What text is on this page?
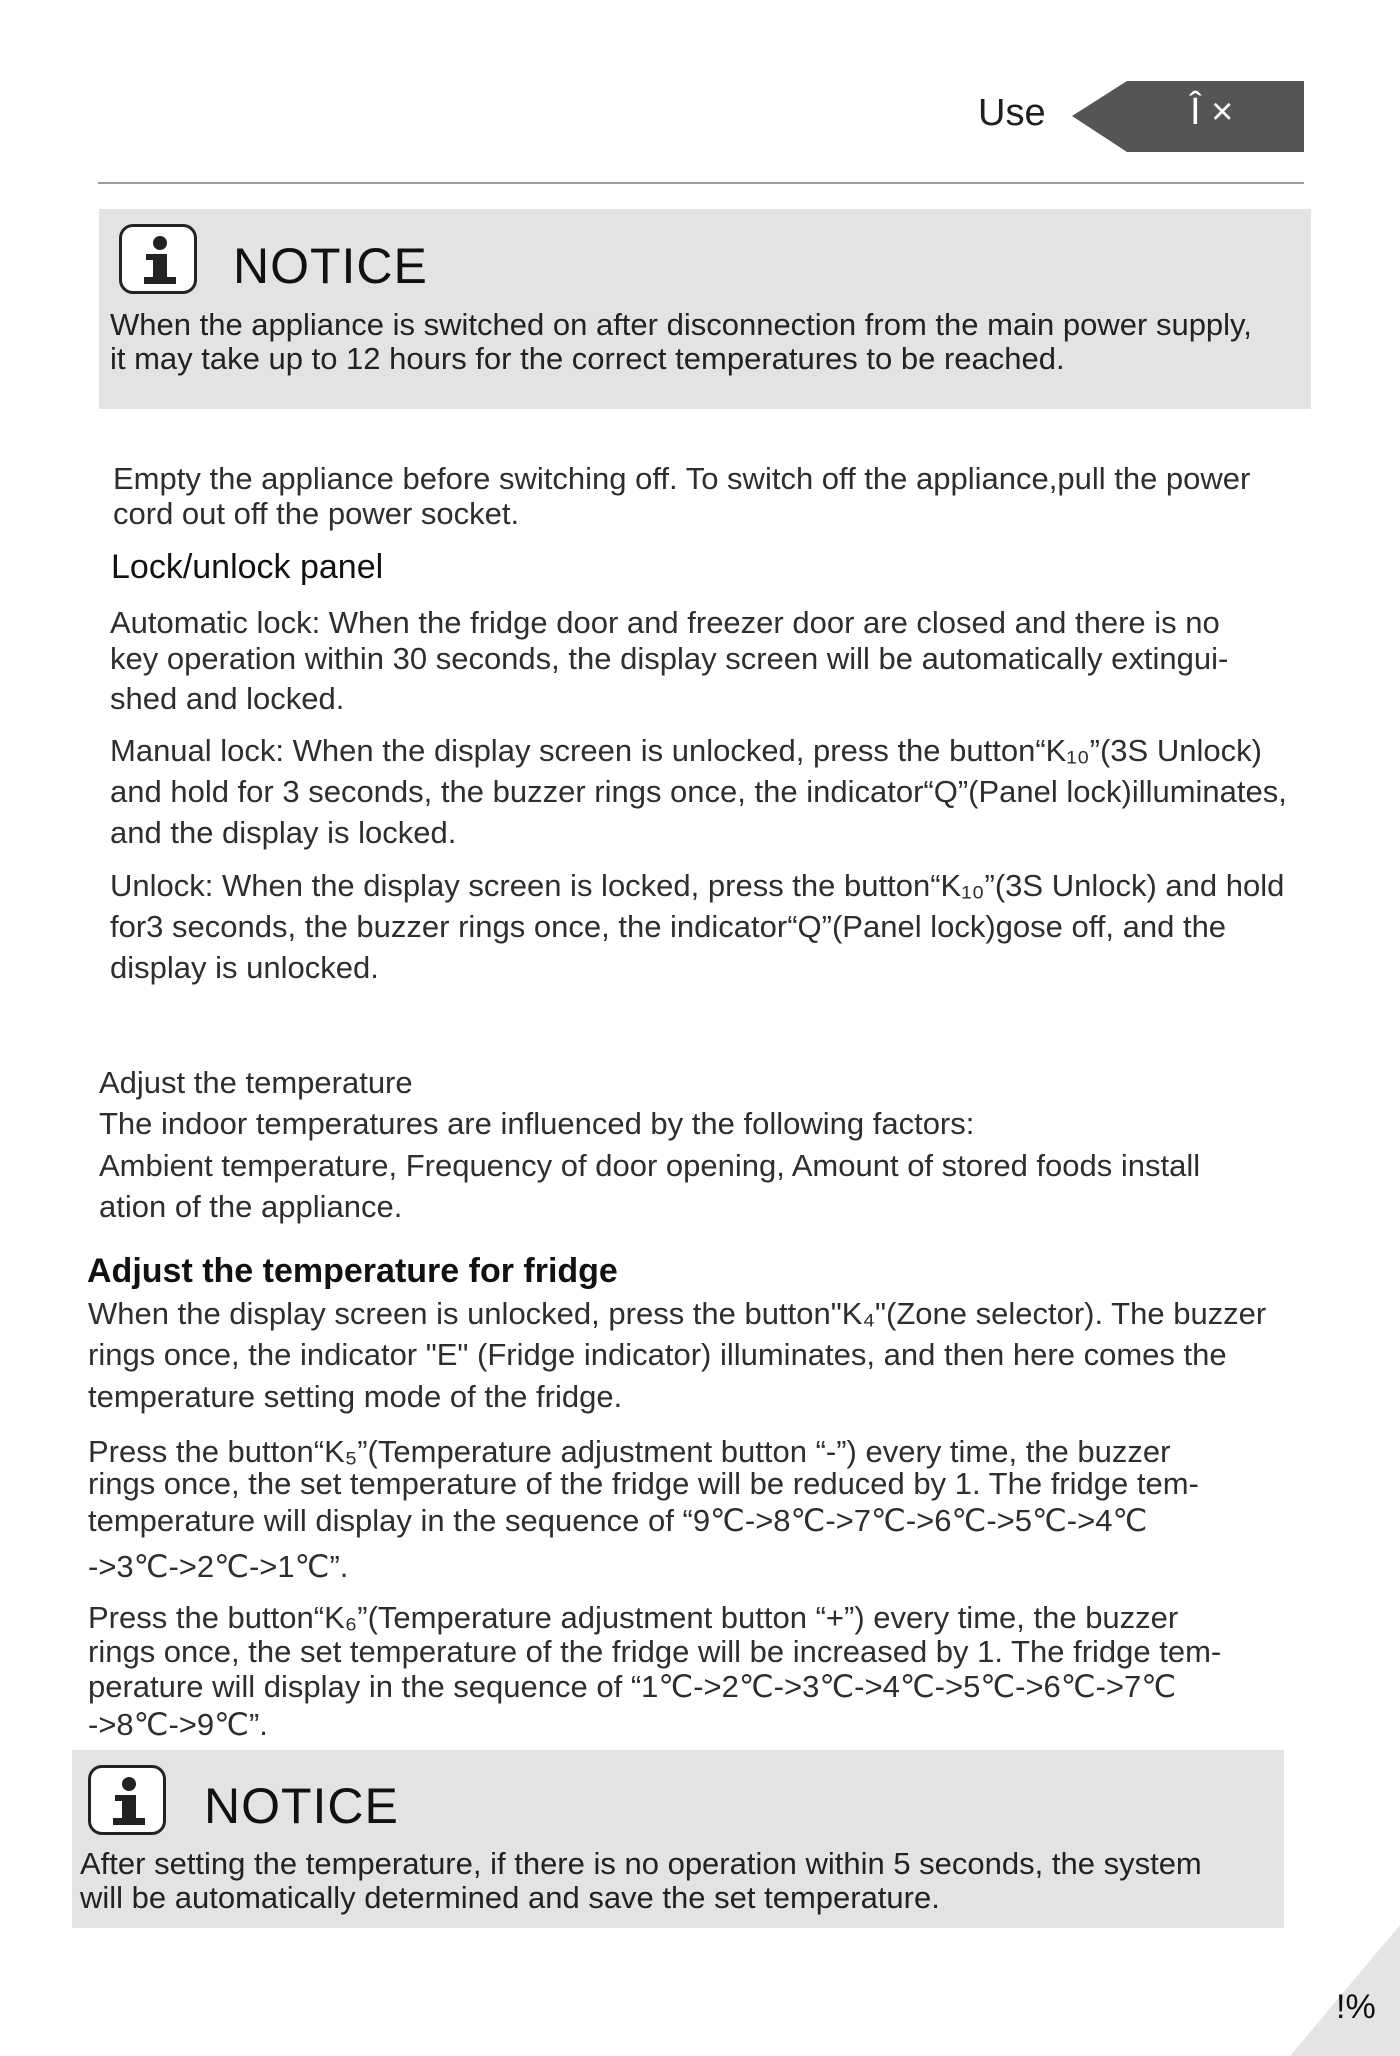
Use	Î ×
NOTICE
When the appliance is switched on after disconnection from the main power supply,
it may take up to 12 hours for the correct temperatures to be reached.
Empty the appliance before switching off. To switch off the appliance,pull the power
cord out off the power socket.
Lock/unlock panel
Automatic lock: When the fridge door and freezer door are closed and there is no
key operation within 30 seconds, the display screen will be automatically extingui-
shed and locked.
Manual lock: When the display screen is unlocked, press the button“K₁₀”(3S Unlock)
and hold for 3 seconds, the buzzer rings once, the indicator“Q”(Panel lock)illuminates,
and the display is locked.
Unlock: When the display screen is locked, press the button“K₁₀”(3S Unlock) and hold
for3 seconds, the buzzer rings once, the indicator“Q”(Panel lock)gose off, and the
display is unlocked.
Adjust the temperature
The indoor temperatures are influenced by the following factors:
Ambient temperature, Frequency of door opening, Amount of stored foods install
ation of the appliance.
Adjust the temperature for fridge
When the display screen is unlocked, press the button"K₄"(Zone selector). The buzzer
rings once, the indicator "E" (Fridge indicator) illuminates, and then here comes the
temperature setting mode of the fridge.
Press the button“K₅”(Temperature adjustment button “-”) every time, the buzzer
rings once, the set temperature of the fridge will be reduced by 1. The fridge tem-
temperature will display in the sequence of “9℃->8℃->7℃->6℃->5℃->4℃
->3℃->2℃->1℃”.
Press the button“K₆”(Temperature adjustment button “+”) every time, the buzzer
rings once, the set temperature of the fridge will be increased by 1. The fridge tem-
perature will display in the sequence of “1℃->2℃->3℃->4℃->5℃->6℃->7℃
->8℃->9℃”.
NOTICE
After setting the temperature, if there is no operation within 5 seconds, the system
will be automatically determined and save the set temperature.
!%
